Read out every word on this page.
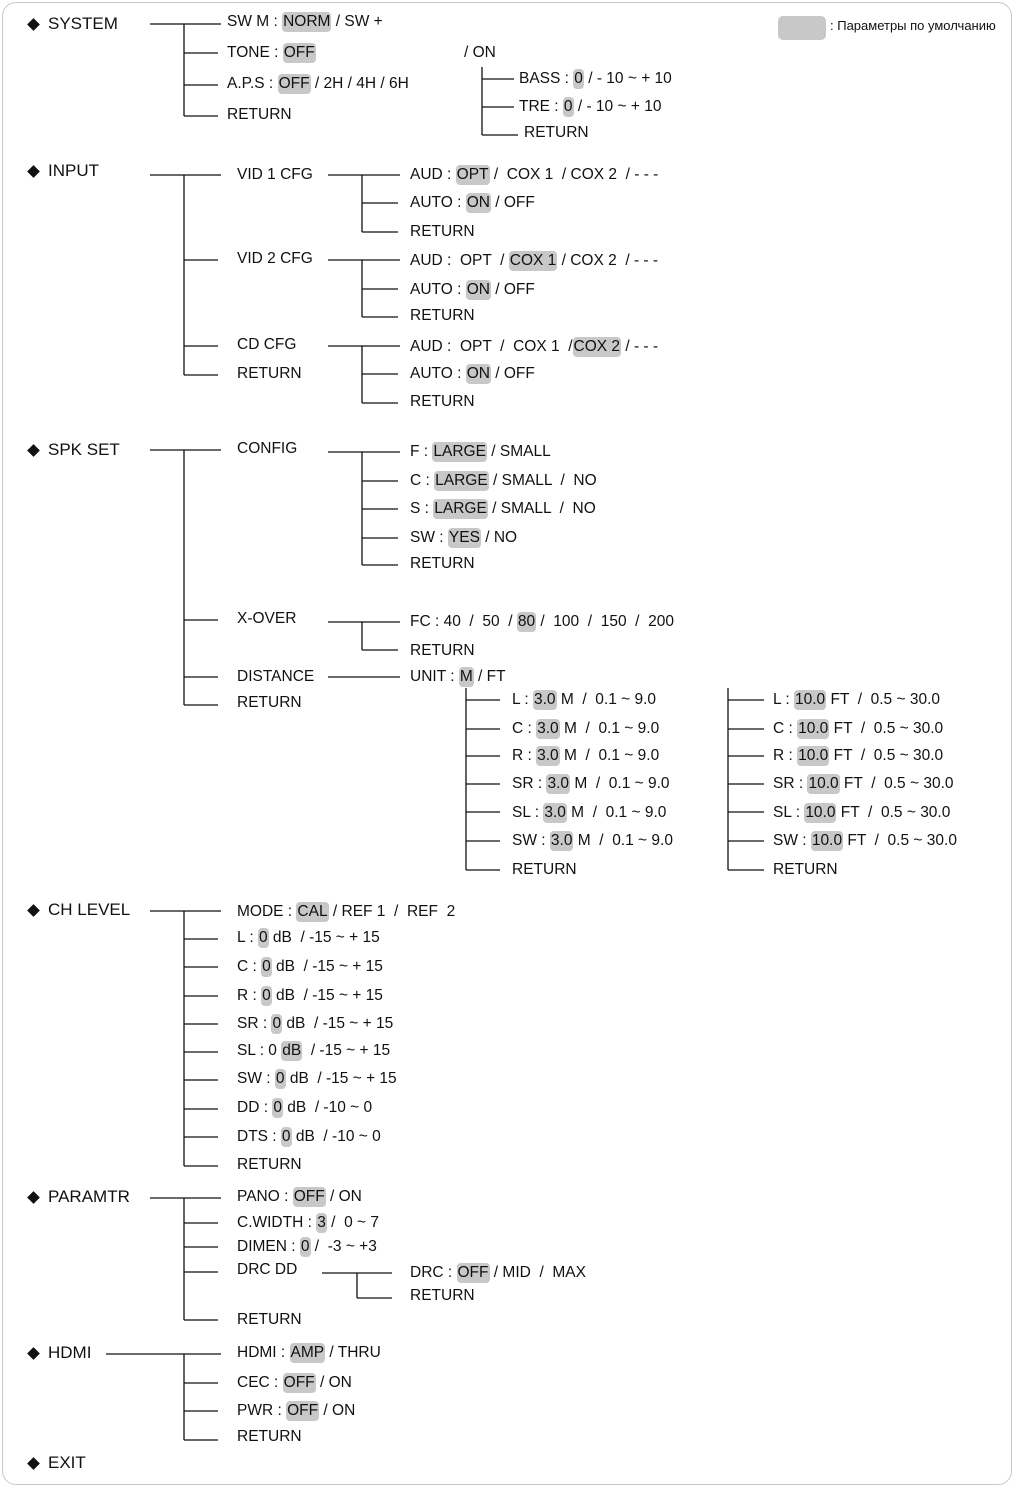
: Параметры по умолчанию
SYSTEM
INPUT
SPK SET
CH LEVEL
PARAMTR
HDMI
EXIT
SW M : NORM / SW +
TONE : OFF	/ ON
BASS : 0 / - 10 ~ + 10
TRE : 0 / - 10 ~ + 10
RETURN
A.P.S : OFF / 2H / 4H / 6H
RETURN
VID 1 CFG	AUD : OPT /  COX 1  / COX 2  / - - -
AUTO : ON / OFF
RETURN
VID 2 CFG	AUD :  OPT  / COX 1 / COX 2  / - - -
AUTO : ON / OFF
RETURN
CD CFG	AUD :  OPT  /  COX 1  /COX 2 / - - -
AUTO : ON / OFF
RETURN
RETURN
CONFIG	F : LARGE / SMALL
C : LARGE / SMALL  /  NO
S : LARGE / SMALL  /  NO
SW : YES / NO
RETURN
X-OVER	FC : 40  /  50  / 80 /  100  /  150  /  200
RETURN
DISTANCE	UNIT : M / FT
RETURN	L : 3.0 M  /  0.1 ~ 9.0
C : 3.0 M  /  0.1 ~ 9.0
R : 3.0 M  /  0.1 ~ 9.0
SR : 3.0 M  /  0.1 ~ 9.0
SL : 3.0 M  /  0.1 ~ 9.0
SW : 3.0 M  /  0.1 ~ 9.0
RETURN
L : 10.0 FT  /  0.5 ~ 30.0
C : 10.0 FT  /  0.5 ~ 30.0
R : 10.0 FT  /  0.5 ~ 30.0
SR : 10.0 FT  /  0.5 ~ 30.0
SL : 10.0 FT  /  0.5 ~ 30.0
SW : 10.0 FT  /  0.5 ~ 30.0
RETURN
MODE : CAL / REF 1  /  REF  2
L : 0 dB  / -15 ~ + 15
C : 0 dB  / -15 ~ + 15
R : 0 dB  / -15 ~ + 15
SR : 0 dB  / -15 ~ + 15
SL : 0 dB  / -15 ~ + 15
SW : 0 dB  / -15 ~ + 15
DD : 0 dB  / -10 ~ 0
DTS : 0 dB  / -10 ~ 0
RETURN
PANO : OFF / ON
C.WIDTH : 3 /  0 ~ 7
DIMEN : 0 /  -3 ~ +3
DRC DD	DRC : OFF / MID  /  MAX
RETURN
RETURN
HDMI : AMP / THRU
CEC : OFF / ON
PWR : OFF / ON
RETURN
